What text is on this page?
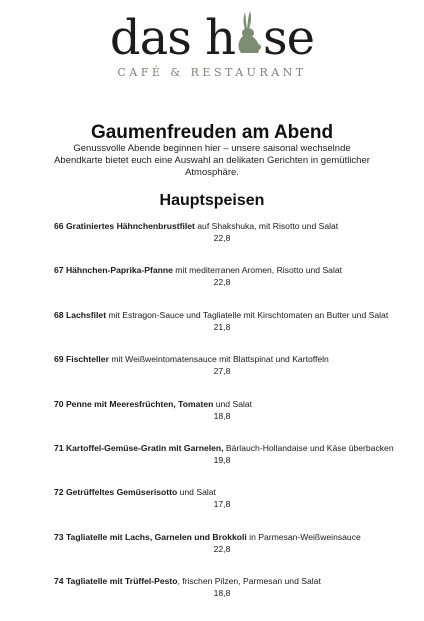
das h se
CAFÉ & RESTAURANT
Gaumenfreuden am Abend
Genussvolle Abende beginnen hier – unsere saisonal wechselnde Abendkarte bietet euch eine Auswahl an delikaten Gerichten in gemütlicher Atmosphäre.
Hauptspeisen
66 Gratiniertes Hähnchenbrustfilet auf Shakshuka, mit Risotto und Salat
22,8
67 Hähnchen-Paprika-Pfanne mit mediterranen Aromen, Risotto und Salat
22,8
68 Lachsfilet mit Estragon-Sauce und Tagliatelle mit Kirschtomaten an Butter und Salat
21,8
69 Fischteller mit Weißweintomatensauce mit Blattspinat und Kartoffeln
27,8
70 Penne mit Meeresfrüchten, Tomaten und Salat
18,8
71 Kartoffel-Gemüse-Gratin mit Garnelen, Bärlauch-Hollandaise und Käse überbacken
19,8
72 Getrüffeltes Gemüserisotto und Salat
17,8
73 Tagliatelle mit Lachs, Garnelen und Brokkoli in Parmesan-Weißweinsauce
22,8
74 Tagliatelle mit Trüffel-Pesto, frischen Pilzen, Parmesan und Salat
18,8
